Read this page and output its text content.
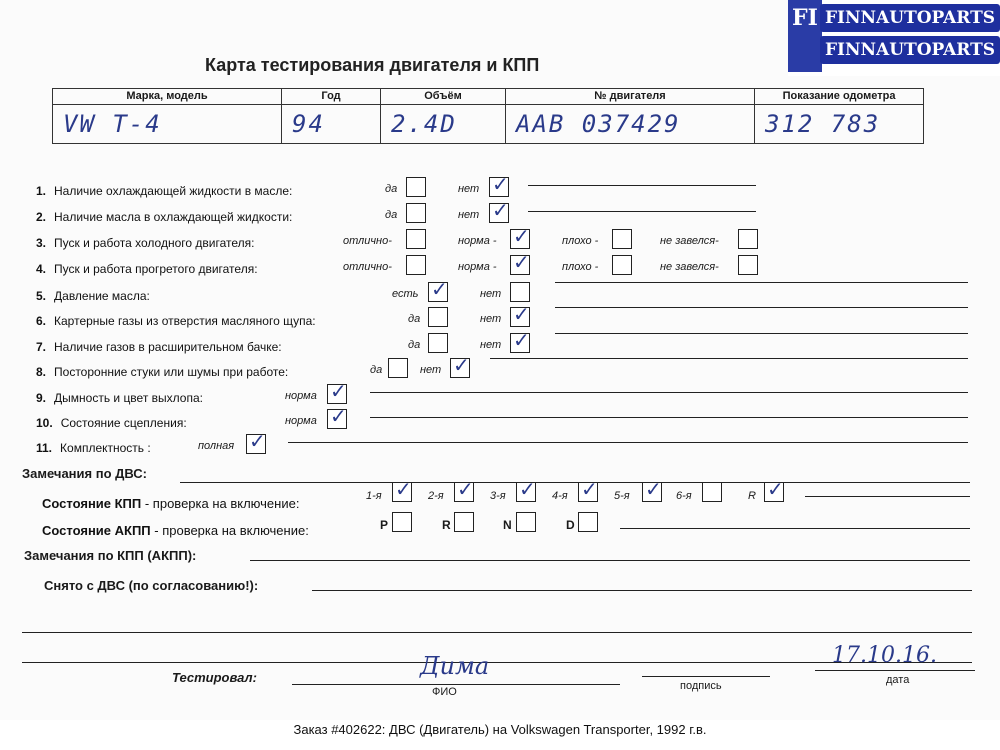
FI FINNAUTOPARTS
FINNAUTOPARTS
Карта тестирования двигателя и КПП
Марка, модель	Год	Объём	№ двигателя	Показание одометра
VW T-4	94	2.4D	AAB 037429	312 783
1. Наличие охлаждающей жидкости в масле:	да	нет ✓
2. Наличие масла в охлаждающей жидкости:	да	нет ✓
3. Пуск и работа холодного двигателя:	отлично-	норма - ✓	плохо -	не завелся-
4. Пуск и работа прогретого двигателя:	отлично-	норма - ✓	плохо -	не завелся-
5. Давление масла:	есть ✓	нет
6. Картерные газы из отверстия масляного щупа:	да	нет ✓
7. Наличие газов в расширительном бачке:	да	нет ✓
8. Посторонние стуки или шумы при работе:	да	нет ✓
9. Дымность и цвет выхлопа:	норма ✓
10. Состояние сцепления:	норма ✓
11. Комплектность :	полная ✓
Замечания по ДВС:
Состояние КПП - проверка на включение:	1-я ✓ 2-я ✓ 3-я ✓ 4-я ✓ 5-я ✓ 6-я	R ✓
Состояние АКПП - проверка на включение:	P	R	N	D
Замечания по КПП (АКПП):
Снято с ДВС (по согласованию!):
Тестировал:	Дима
ФИО	подпись
17.10.16.
дата
Заказ #402622: ДВС (Двигатель) на Volkswagen Transporter, 1992 г.в.
